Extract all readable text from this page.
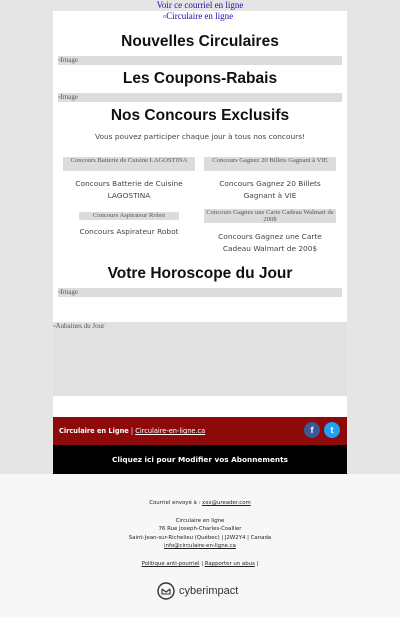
Voir ce courriel en ligne
Nouvelles Circulaires
▫Image
Les Coupons-Rabais
▫Image
Nos Concours Exclusifs
Vous pouvez participer chaque jour à tous nos concours!
Concours Batterie de Cuisine LAGOSTINA
Concours Batterie de Cuisine LAGOSTINA
Concours Gagnez 20 Billets Gagnant à VIE
Concours Gagnez 20 Billets Gagnant à VIE
Concours Aspirateur Robot
Concours Aspirateur Robot
Concours Gagnez une Carte Cadeau Walmart de 200$
Concours Gagnez une Carte Cadeau Walmart de 200$
Votre Horoscope du Jour
▫Image
▫Circulaire en ligne
▫Aubaines du Jour
Circulaire en Ligne | Circulaire-en-ligne.ca	f	t
Cliquez ici pour Modifier vos Abonnements
Courriel envoyé à : xxx@ureader.com
Circulaire en ligne
76 Rue Joseph-Charles-Coallier
Saint-Jean-sur-Richelieu (Québec) | J2W2Y4 | Canada
info@circulaire-en-ligne.ca
Politique anti-pourriel | Rapporter un abus |
cyberimpact
